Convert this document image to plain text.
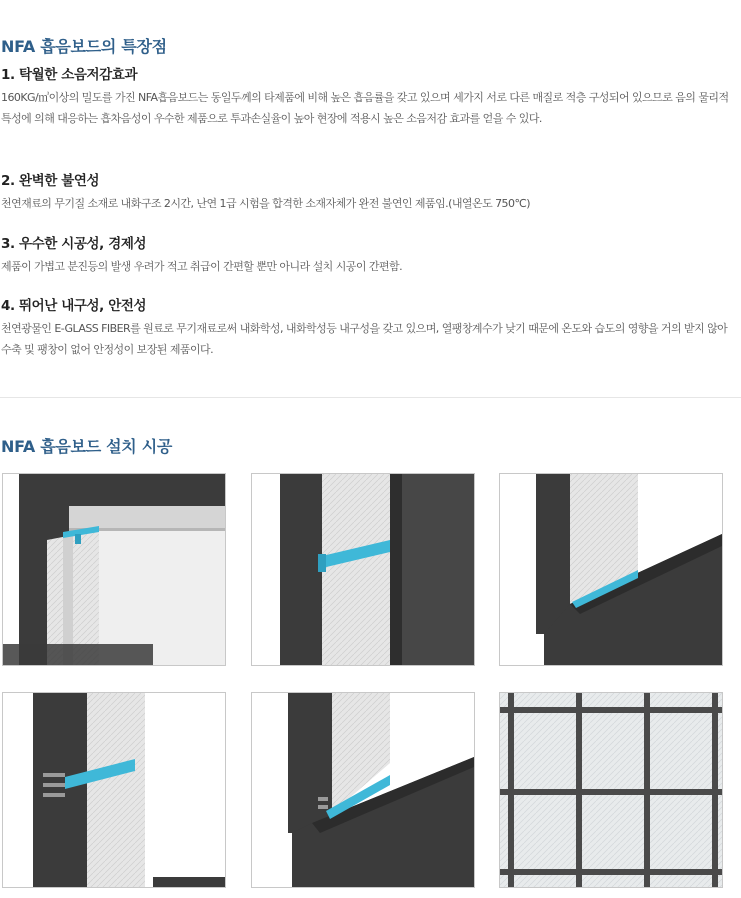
NFA 흡음보드의 특장점
1. 탁월한 소음저감효과

160KG/㎥이상의 밀도를 가진 NFA흡음보드는 동일두께의 타제품에 비해 높은 흡음률을 갖고 있으며 세가지 서로 다른 매질로 적층 구성되어 있으므로 음의 물리적 특성에 의해 대응하는 흡차음성이 우수한 제품으로 투과손실율이 높아 현장에 적용시 높은 소음저감 효과를 얻을 수 있다.

2. 완벽한 불연성

천연재료의 무기질 소재로 내화구조 2시간, 난연 1급 시험을 합격한 소재자체가 완전 불연인 제품임.(내열온도 750℃)

3. 우수한 시공성, 경제성

제품이 가볍고 분진등의 발생 우려가 적고 취급이 간편할 뿐만 아니라 설치 시공이 간편함.

4. 뛰어난 내구성, 안전성

천연광물인 E-GLASS FIBER를 원료로 무기재료로써 내화학성, 내화학성등 내구성을 갖고 있으며, 열팽창계수가 낮기 때문에 온도와 습도의 영향을 거의 받지 않아 수축 및 팽창이 없어 안정성이 보장된 제품이다.

NFA 흡음보드 설치 시공
